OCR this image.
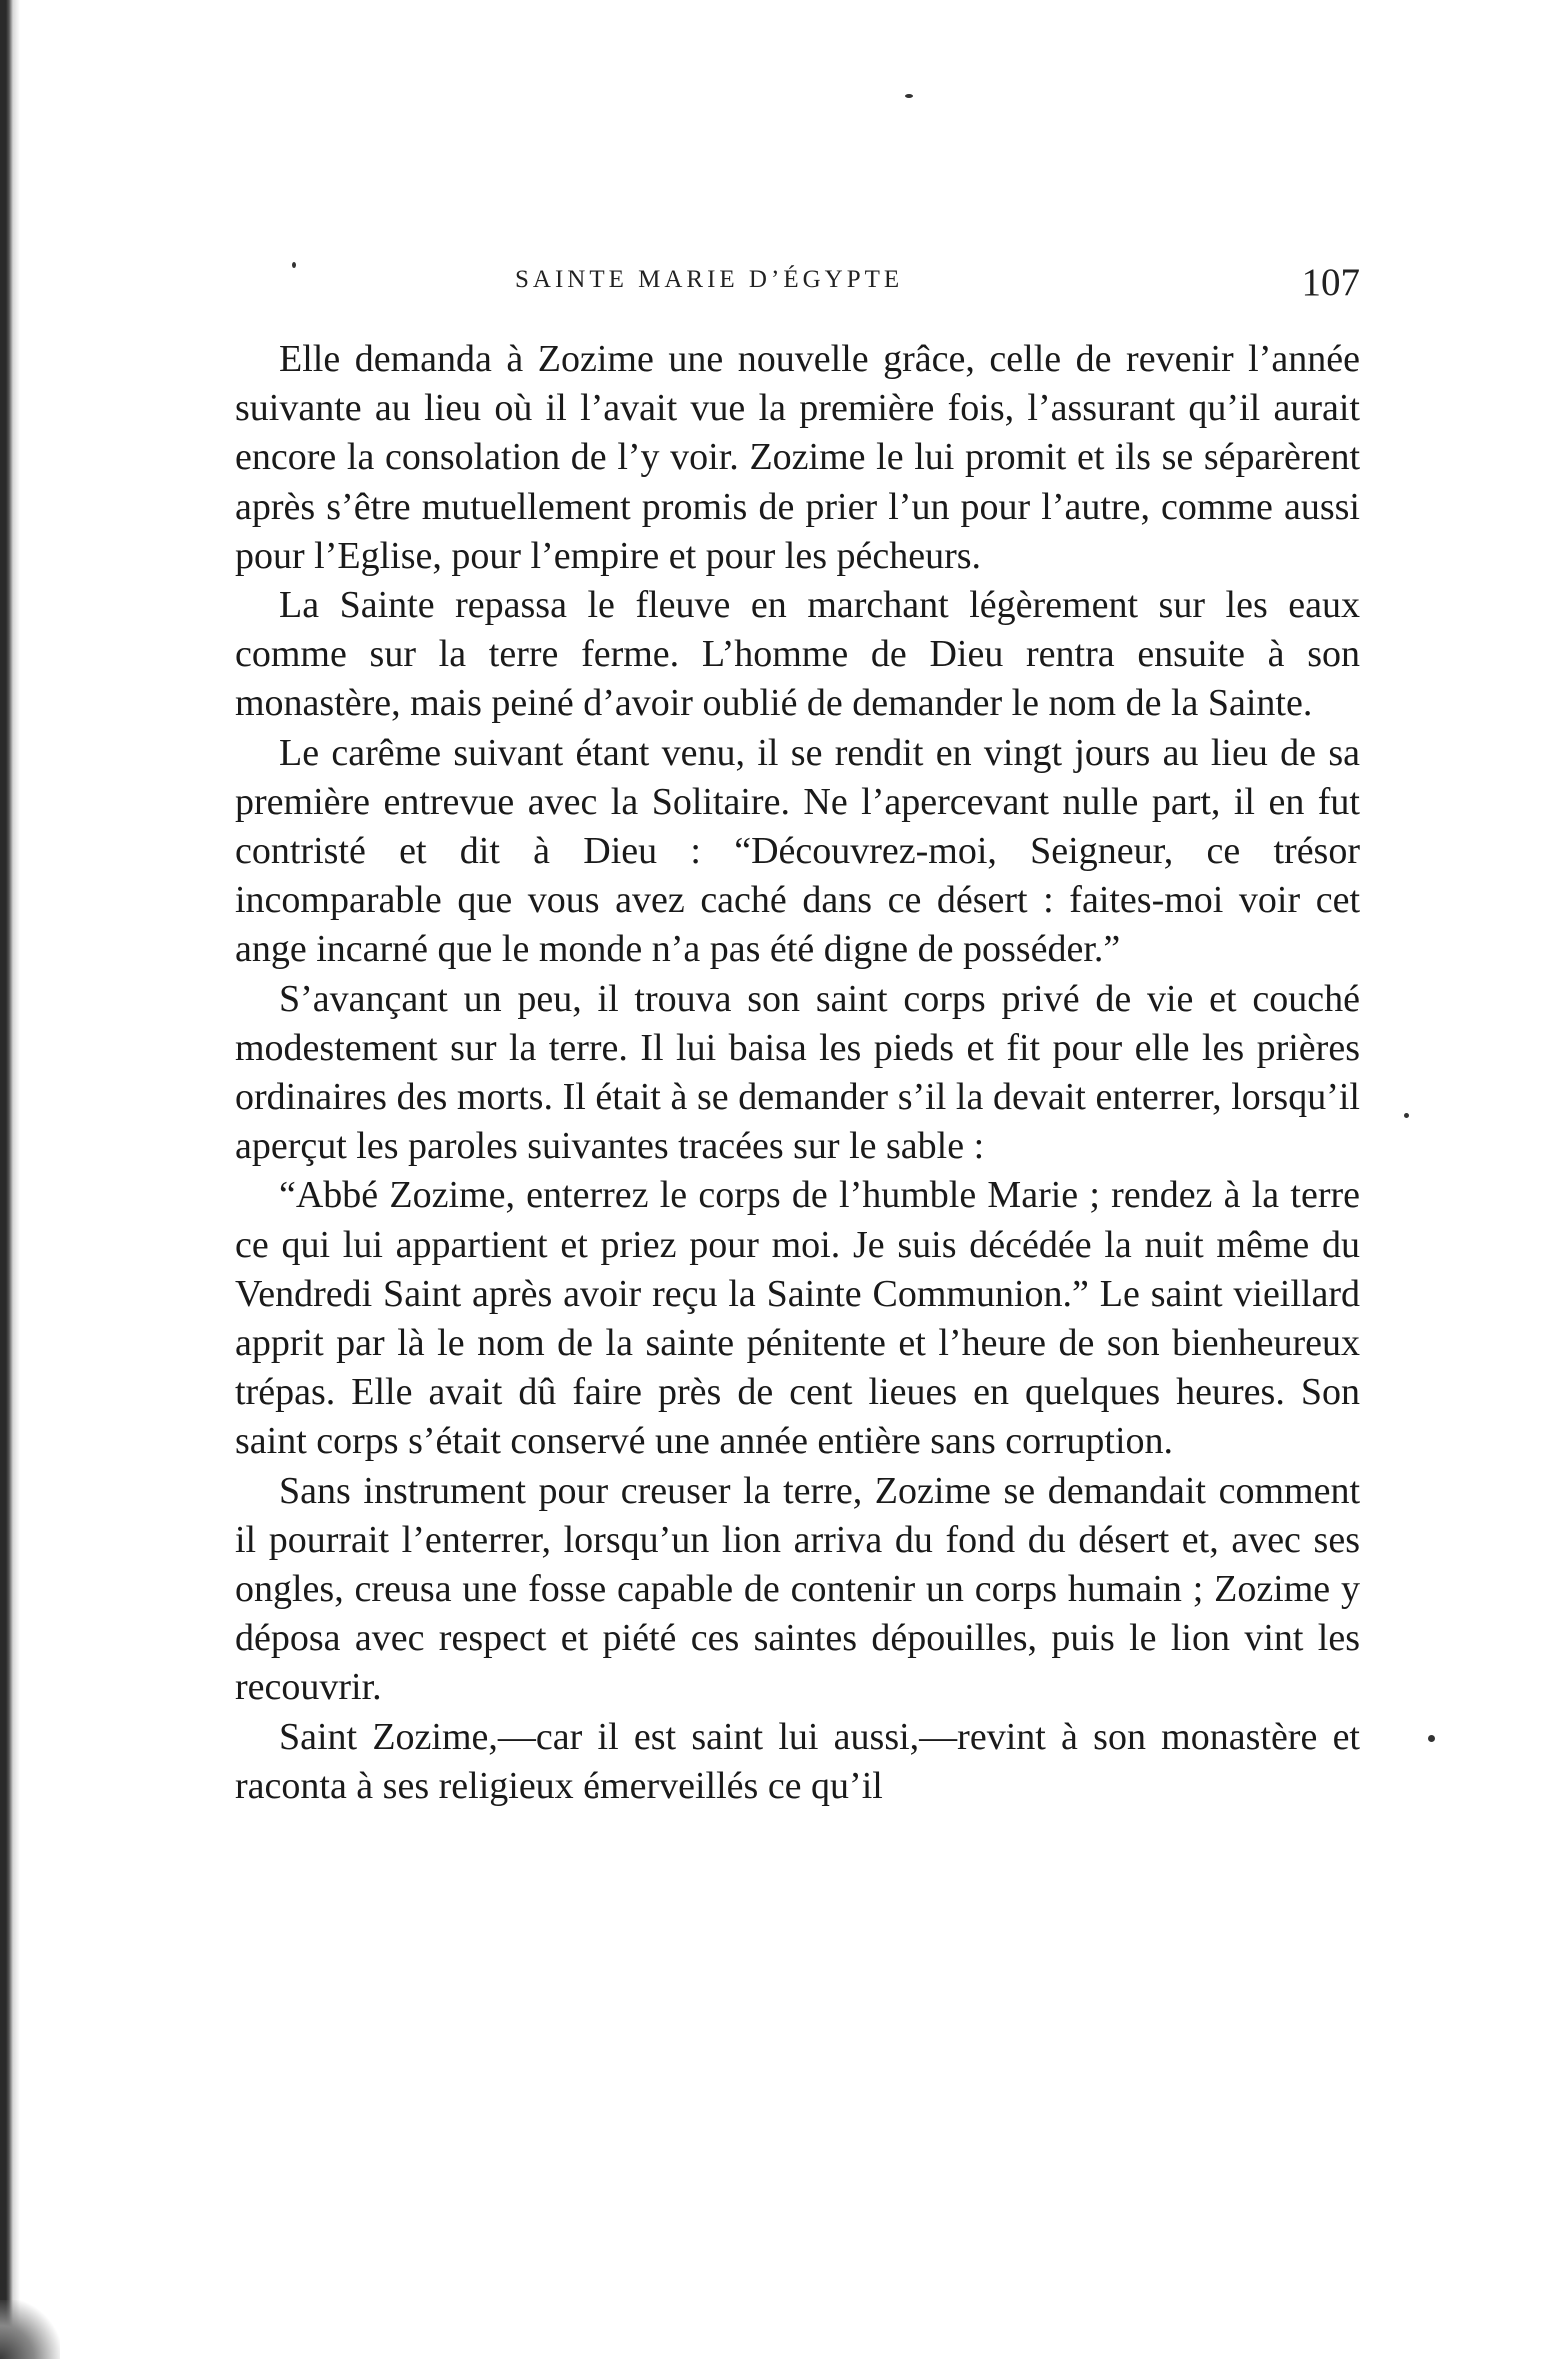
SAINTE MARIE D’ÉGYPTE	107

Elle demanda à Zozime une nouvelle grâce, celle de revenir l’année suivante au lieu où il l’avait vue la première fois, l’assurant qu’il aurait encore la consolation de l’y voir. Zozime le lui promit et ils se séparèrent après s’être mutuellement promis de prier l’un pour l’autre, comme aussi pour l’Eglise, pour l’empire et pour les pécheurs.

La Sainte repassa le fleuve en marchant légèrement sur les eaux comme sur la terre ferme. L’homme de Dieu rentra ensuite à son monastère, mais peiné d’avoir oublié de demander le nom de la Sainte.

Le carême suivant étant venu, il se rendit en vingt jours au lieu de sa première entrevue avec la Solitaire. Ne l’apercevant nulle part, il en fut contristé et dit à Dieu : “Découvrez-moi, Seigneur, ce trésor incomparable que vous avez caché dans ce désert : faites-moi voir cet ange incarné que le monde n’a pas été digne de posséder.”

S’avançant un peu, il trouva son saint corps privé de vie et couché modestement sur la terre. Il lui baisa les pieds et fit pour elle les prières ordinaires des morts. Il était à se demander s’il la devait enterrer, lorsqu’il aperçut les paroles suivantes tracées sur le sable :

“Abbé Zozime, enterrez le corps de l’humble Marie ; rendez à la terre ce qui lui appartient et priez pour moi. Je suis décédée la nuit même du Vendredi Saint après avoir reçu la Sainte Communion.” Le saint vieillard apprit par là le nom de la sainte pénitente et l’heure de son bienheureux trépas. Elle avait dû faire près de cent lieues en quelques heures. Son saint corps s’était conservé une année entière sans corruption.

Sans instrument pour creuser la terre, Zozime se demandait comment il pourrait l’enterrer, lorsqu’un lion arriva du fond du désert et, avec ses ongles, creusa une fosse capable de contenir un corps humain ; Zozime y déposa avec respect et piété ces saintes dépouilles, puis le lion vint les recouvrir.

Saint Zozime,—car il est saint lui aussi,—revint à son monastère et raconta à ses religieux émerveillés ce qu’il
